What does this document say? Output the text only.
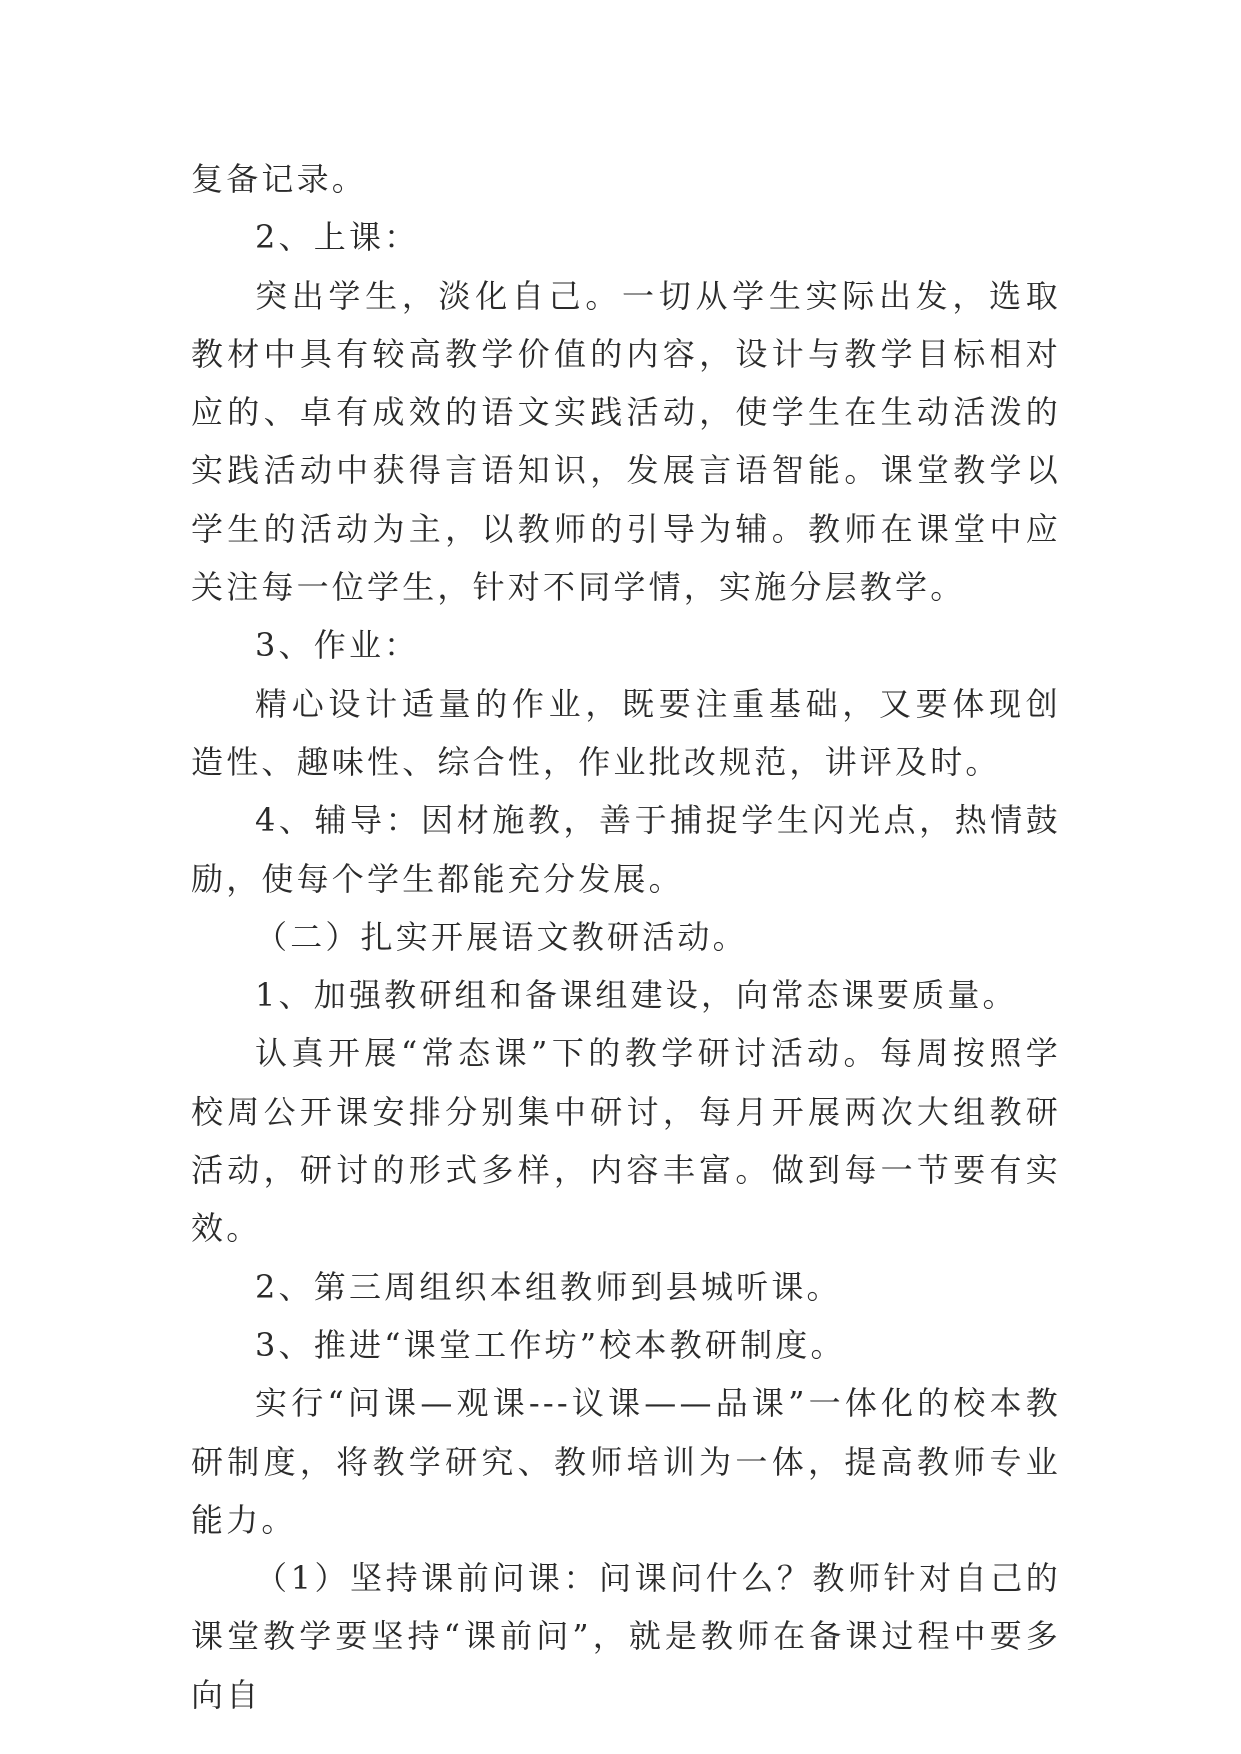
复备记录。

2、上课：

突出学生，淡化自己。一切从学生实际出发，选取教材中具有较高教学价值的内容，设计与教学目标相对应的、卓有成效的语文实践活动，使学生在生动活泼的实践活动中获得言语知识，发展言语智能。课堂教学以学生的活动为主，以教师的引导为辅。教师在课堂中应关注每一位学生，针对不同学情，实施分层教学。

3、作业：

精心设计适量的作业，既要注重基础，又要体现创造性、趣味性、综合性，作业批改规范，讲评及时。

4、辅导：因材施教，善于捕捉学生闪光点，热情鼓励，使每个学生都能充分发展。

（二）扎实开展语文教研活动。

1、加强教研组和备课组建设，向常态课要质量。

认真开展“常态课”下的教学研讨活动。每周按照学校周公开课安排分别集中研讨，每月开展两次大组教研活动，研讨的形式多样，内容丰富。做到每一节要有实效。

2、第三周组织本组教师到县城听课。

3、推进“课堂工作坊”校本教研制度。

实行“问课—观课---议课——品课”一体化的校本教研制度，将教学研究、教师培训为一体，提高教师专业能力。

（1）坚持课前问课：问课问什么？教师针对自己的课堂教学要坚持“课前问”，就是教师在备课过程中要多向自
